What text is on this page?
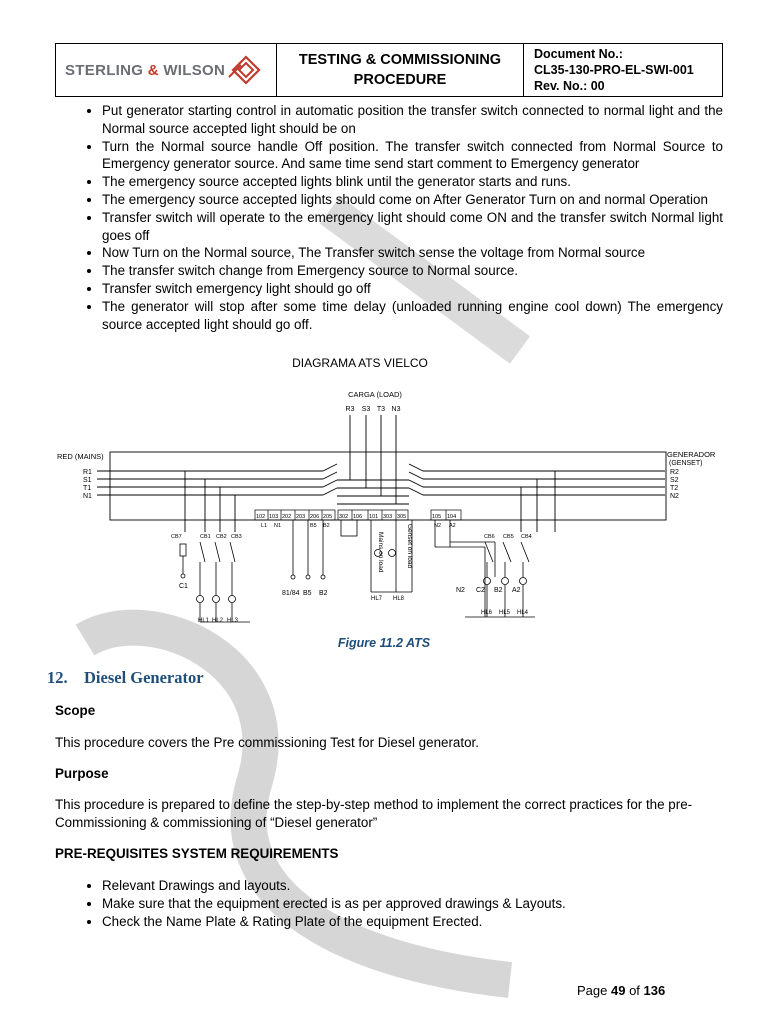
STERLING & WILSON
TESTING & COMMISSIONING
PROCEDURE
Document No.:
CL35-130-PRO-EL-SWI-001
Rev. No.: 00
• Put generator starting control in automatic position the transfer switch connected to normal light and the Normal source accepted light should be on
• Turn the Normal source handle Off position. The transfer switch connected from Normal Source to Emergency generator source. And same time send start comment to Emergency generator
• The emergency source accepted lights blink until the generator starts and runs.
• The emergency source accepted lights should come on After Generator Turn on and normal Operation
• Transfer switch will operate to the emergency light should come ON and the transfer switch Normal light goes off
• Now Turn on the Normal source, The Transfer switch sense the voltage from Normal source
• The transfer switch change from Emergency source to Normal source.
• Transfer switch emergency light should go off
• The generator will stop after some time delay (unloaded running engine cool down) The emergency source accepted light should go off.
DIAGRAMA ATS VIELCO
CARGA (LOAD)
R3 S3 T3 N3
RED (MAINS)
R1
S1
T1
N1
GENERADOR
(GENSET)
R2
S2
T2
N2
102 103 202 203 206 205
L1 N1	B5 B2
302 106 101 303 305	105 104
N2 A2
CB7	CB1 CB2 CB3	CB6 CB5 CB4
Mains on load	Genset on load
HL1 HL2 HL3
HL6 HL5 HL4
HL7 HL8
C1
81/84 B5 B2	N2 C2 B2 A2
Figure 11.2 ATS
12. Diesel Generator
Scope
This procedure covers the Pre commissioning Test for Diesel generator.
Purpose
This procedure is prepared to define the step-by-step method to implement the correct practices for the pre-Commissioning & commissioning of “Diesel generator”
PRE-REQUISITES SYSTEM REQUIREMENTS
• Relevant Drawings and layouts.
• Make sure that the equipment erected is as per approved drawings & Layouts.
• Check the Name Plate & Rating Plate of the equipment Erected.
Page 49 of 136
